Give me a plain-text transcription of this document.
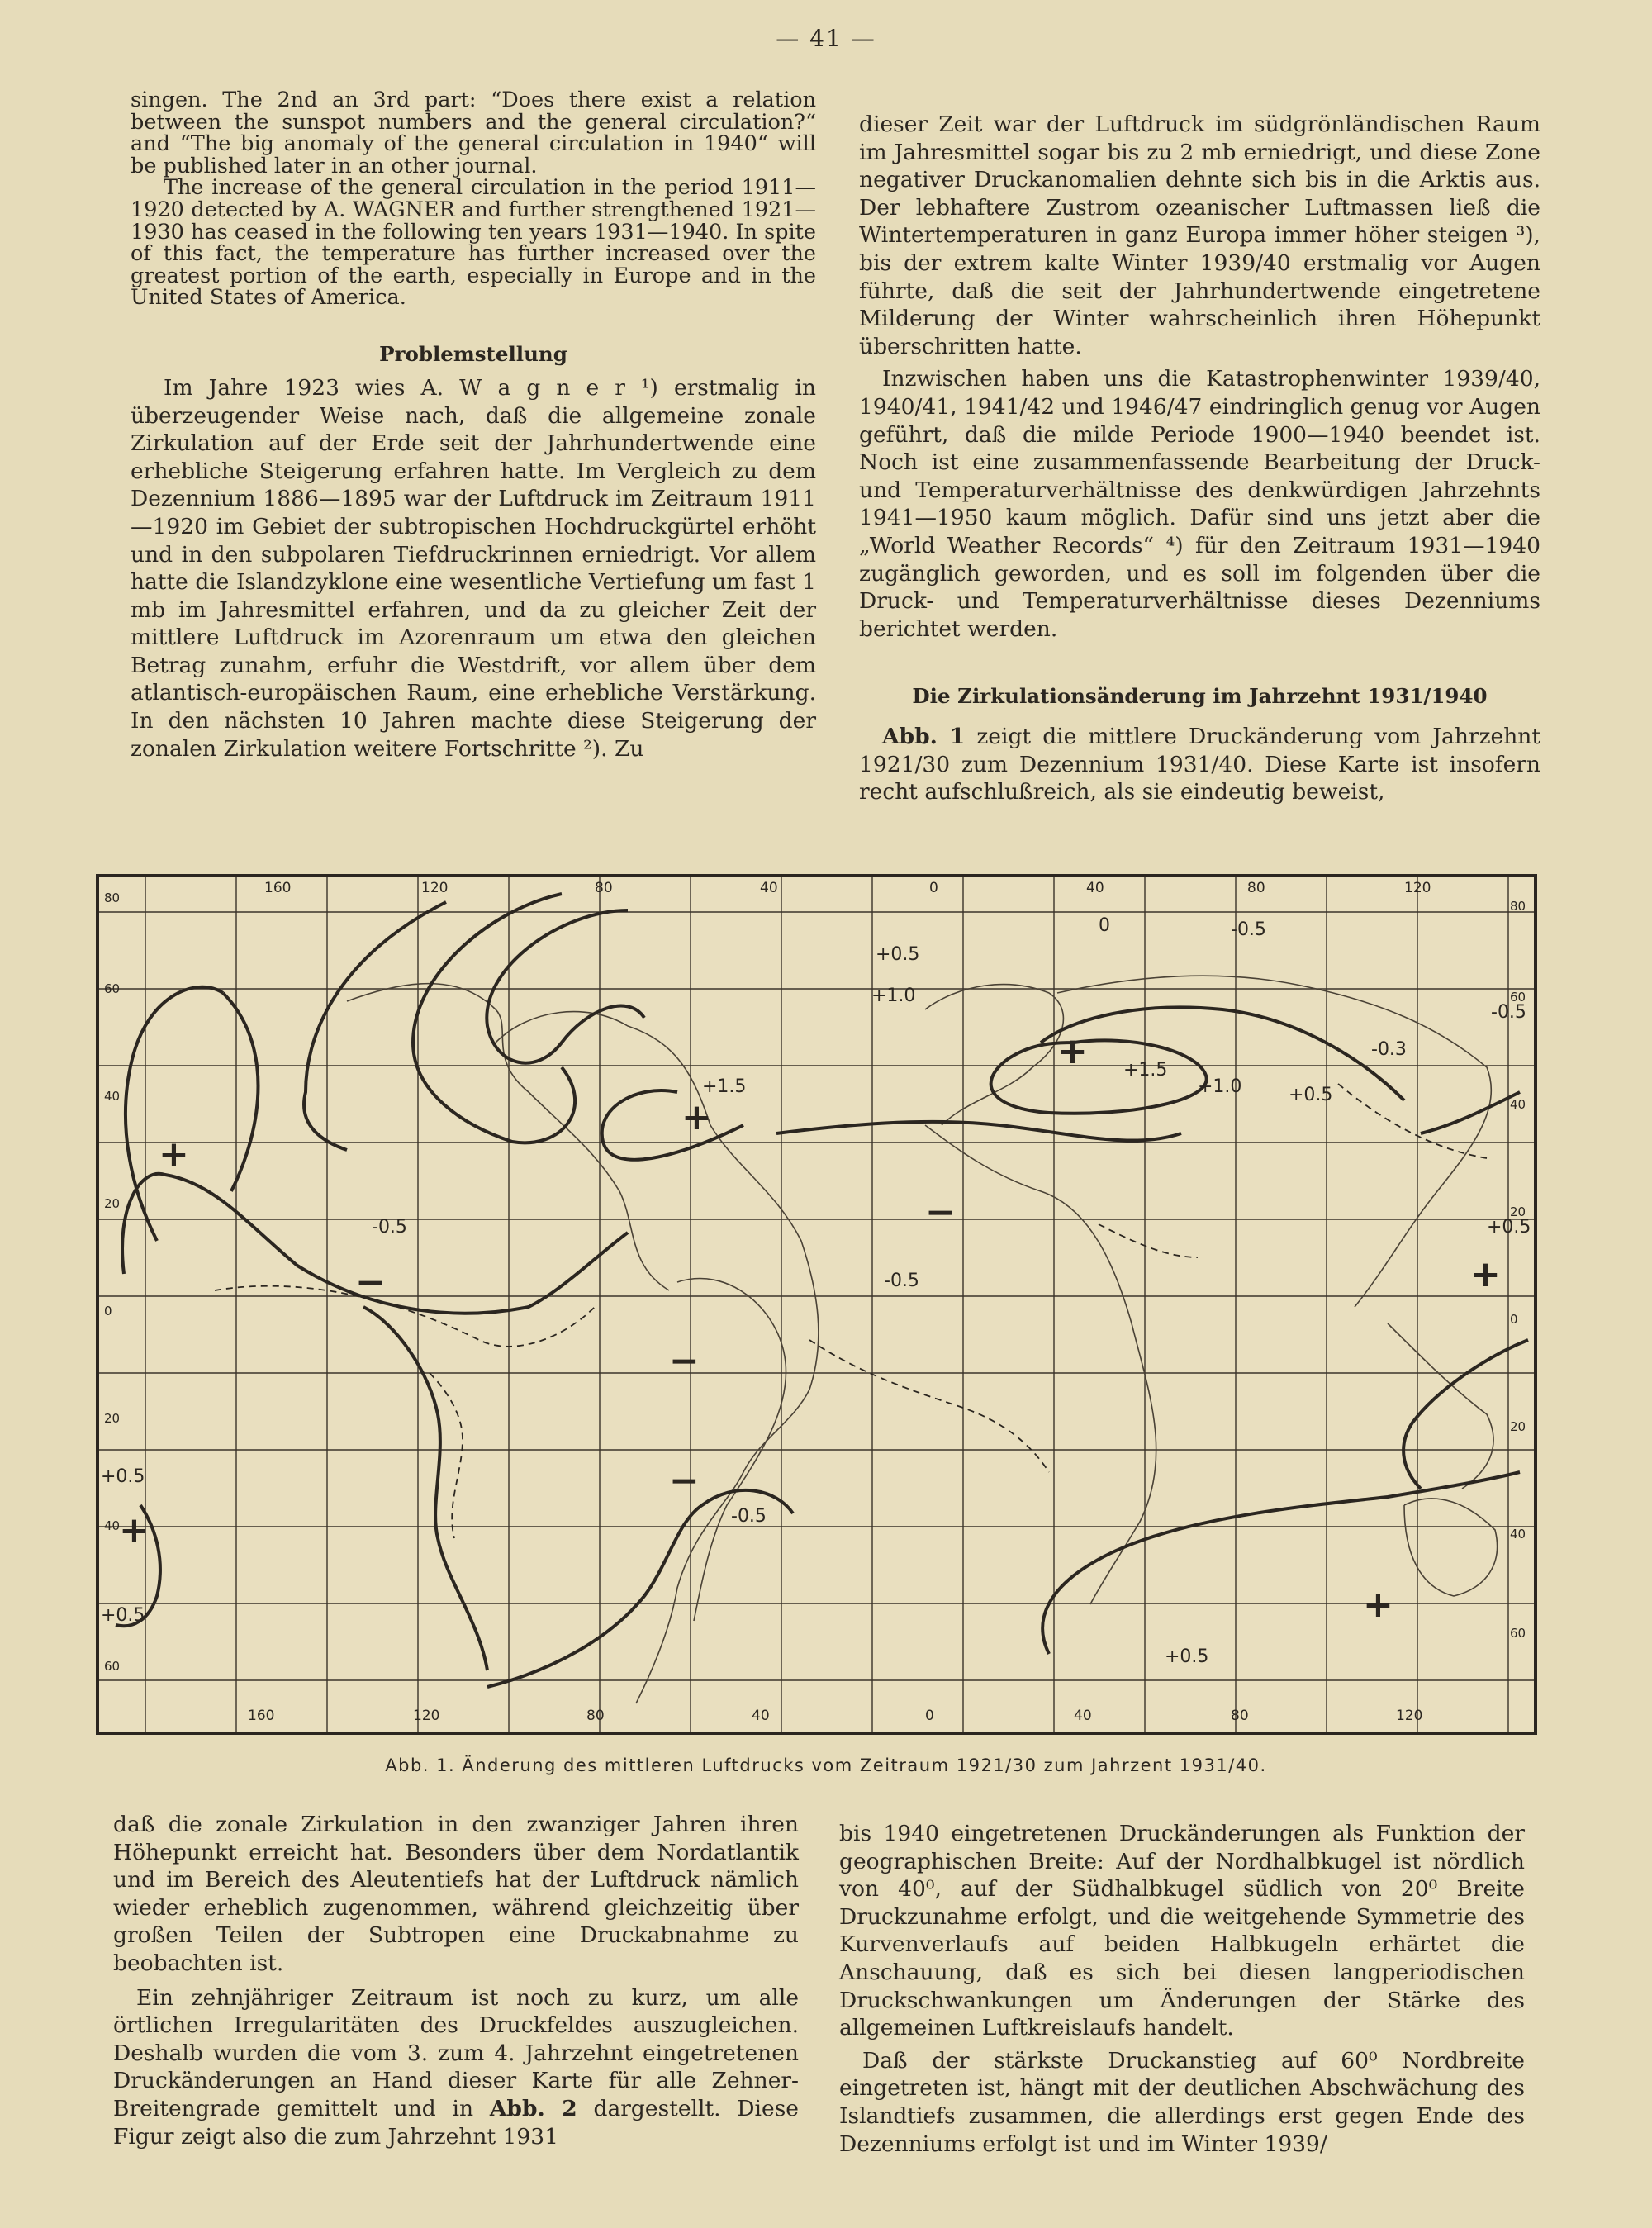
— 41 —

singen. The 2nd an 3rd part: “Does there exist a relation between the sunspot numbers and the general circulation?“ and “The big anomaly of the general circulation in 1940“ will be published later in an other journal.

The increase of the general circulation in the period 1911—1920 detected by A. WAGNER and further strengthened 1921—1930 has ceased in the following ten years 1931—1940. In spite of this fact, the temperature has further increased over the greatest portion of the earth, especially in Europe and in the United States of America.

Problemstellung

Im Jahre 1923 wies A. W a g n e r ¹) erstmalig in überzeugender Weise nach, daß die allgemeine zonale Zirkulation auf der Erde seit der Jahrhundertwende eine erhebliche Steigerung erfahren hatte. Im Vergleich zu dem Dezennium 1886—1895 war der Luftdruck im Zeitraum 1911—1920 im Gebiet der subtropischen Hochdruckgürtel erhöht und in den subpolaren Tiefdruckrinnen erniedrigt. Vor allem hatte die Islandzyklone eine wesentliche Vertiefung um fast 1 mb im Jahresmittel erfahren, und da zu gleicher Zeit der mittlere Luftdruck im Azorenraum um etwa den gleichen Betrag zunahm, erfuhr die Westdrift, vor allem über dem atlantisch-europäischen Raum, eine erhebliche Verstärkung. In den nächsten 10 Jahren machte diese Steigerung der zonalen Zirkulation weitere Fortschritte ²). Zu

dieser Zeit war der Luftdruck im südgrönländischen Raum im Jahresmittel sogar bis zu 2 mb erniedrigt, und diese Zone negativer Druckanomalien dehnte sich bis in die Arktis aus. Der lebhaftere Zustrom ozeanischer Luftmassen ließ die Wintertemperaturen in ganz Europa immer höher steigen ³), bis der extrem kalte Winter 1939/40 erstmalig vor Augen führte, daß die seit der Jahrhundertwende eingetretene Milderung der Winter wahrscheinlich ihren Höhepunkt überschritten hatte.

Inzwischen haben uns die Katastrophenwinter 1939/40, 1940/41, 1941/42 und 1946/47 eindringlich genug vor Augen geführt, daß die milde Periode 1900—1940 beendet ist. Noch ist eine zusammenfassende Bearbeitung der Druck- und Temperaturverhältnisse des denkwürdigen Jahrzehnts 1941—1950 kaum möglich. Dafür sind uns jetzt aber die „World Weather Records“ ⁴) für den Zeitraum 1931—1940 zugänglich geworden, und es soll im folgenden über die Druck- und Temperaturverhältnisse dieses Dezenniums berichtet werden.

Die Zirkulationsänderung im Jahrzehnt 1931/1940

Abb. 1 zeigt die mittlere Druckänderung vom Jahrzehnt 1921/30 zum Dezennium 1931/40. Diese Karte ist insofern recht aufschlußreich, als sie eindeutig beweist,

160	120	80	40	0	40	80	120
160	120	80	40	0	40	80	120
80
60
40
20
0
20
40
60
80
60
40
20
0
20
40
60
+0.5
+1.0
+1.5
+1.5
+1.0	+0.5
0	-0.5
-0.5
-0.5
-0.5
+0.5
+0.5
+0.5
+0.5
-0.3
-0.5
+
+
+
+
+
+
−
−
−
−
Abb. 1. Änderung des mittleren Luftdrucks vom Zeitraum 1921/30 zum Jahrzent 1931/40.

daß die zonale Zirkulation in den zwanziger Jahren ihren Höhepunkt erreicht hat. Besonders über dem Nordatlantik und im Bereich des Aleutentiefs hat der Luftdruck nämlich wieder erheblich zugenommen, während gleichzeitig über großen Teilen der Subtropen eine Druckabnahme zu beobachten ist.

Ein zehnjähriger Zeitraum ist noch zu kurz, um alle örtlichen Irregularitäten des Druckfeldes auszugleichen. Deshalb wurden die vom 3. zum 4. Jahrzehnt eingetretenen Druckänderungen an Hand dieser Karte für alle Zehner-Breitengrade gemittelt und in Abb. 2 dargestellt. Diese Figur zeigt also die zum Jahrzehnt 1931

bis 1940 eingetretenen Druckänderungen als Funktion der geographischen Breite: Auf der Nordhalbkugel ist nördlich von 40⁰, auf der Südhalbkugel südlich von 20⁰ Breite Druckzunahme erfolgt, und die weitgehende Symmetrie des Kurvenverlaufs auf beiden Halbkugeln erhärtet die Anschauung, daß es sich bei diesen langperiodischen Druckschwankungen um Änderungen der Stärke des allgemeinen Luftkreislaufs handelt.

Daß der stärkste Druckanstieg auf 60⁰ Nordbreite eingetreten ist, hängt mit der deutlichen Abschwächung des Islandtiefs zusammen, die allerdings erst gegen Ende des Dezenniums erfolgt ist und im Winter 1939/
